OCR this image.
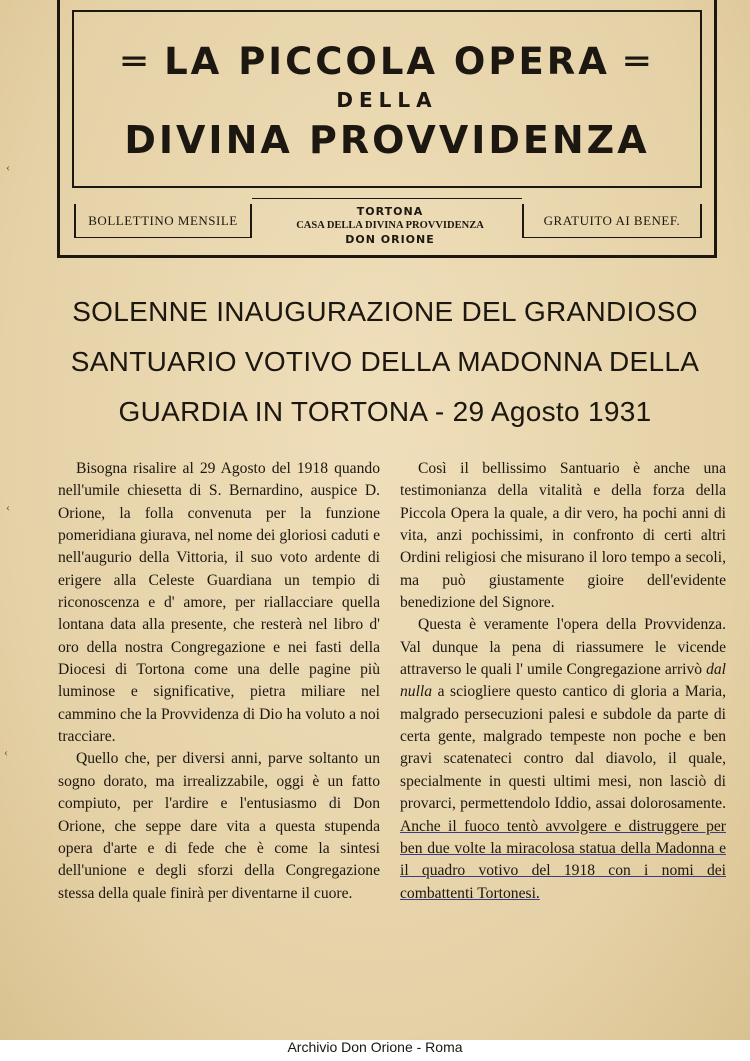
═ LA PICCOLA OPERA ═
DELLA
DIVINA PROVVIDENZA
BOLLETTINO MENSILE
TORTONA
CASA DELLA DIVINA PROVVIDENZA
DON ORIONE
GRATUITO AI BENEF.
SOLENNE INAUGURAZIONE DEL GRANDIOSO
SANTUARIO VOTIVO DELLA MADONNA DELLA
GUARDIA IN TORTONA - 29 Agosto 1931

Bisogna risalire al 29 Agosto del 1918 quando nell'umile chiesetta di S. Bernardino, auspice D. Orione, la folla convenuta per la funzione pomeridiana giurava, nel nome dei gloriosi caduti e nell'augurio della Vittoria, il suo voto ardente di erigere alla Celeste Guardiana un tempio di riconoscenza e d' amore, per riallacciare quella lontana data alla presente, che resterà nel libro d' oro della nostra Congregazione e nei fasti della Diocesi di Tortona come una delle pagine più luminose e significative, pietra miliare nel cammino che la Provvidenza di Dio ha voluto a noi tracciare.

Quello che, per diversi anni, parve soltanto un sogno dorato, ma irrealizzabile, oggi è un fatto compiuto, per l'ardire e l'entusiasmo di Don Orione, che seppe dare vita a questa stupenda opera d'arte e di fede che è come la sintesi dell'unione e degli sforzi della Congregazione stessa della quale finirà per diventarne il cuore.

Così il bellissimo Santuario è anche una testimonianza della vitalità e della forza della Piccola Opera la quale, a dir vero, ha pochi anni di vita, anzi pochissimi, in confronto di certi altri Ordini religiosi che misurano il loro tempo a secoli, ma può giustamente gioire dell'evidente benedizione del Signore.

Questa è veramente l'opera della Provvidenza. Val dunque la pena di riassumere le vicende attraverso le quali l' umile Congregazione arrivò dal nulla a sciogliere questo cantico di gloria a Maria, malgrado persecuzioni palesi e subdole da parte di certa gente, malgrado tempeste non poche e ben gravi scatenateci contro dal diavolo, il quale, specialmente in questi ultimi mesi, non lasciò di provarci, permettendolo Iddio, assai dolorosamente. Anche il fuoco tentò avvolgere e distruggere per ben due volte la miracolosa statua della Madonna e il quadro votivo del 1918 con i nomi dei combattenti Tortonesi.

‹
‹
‹
Archivio Don Orione - Roma
